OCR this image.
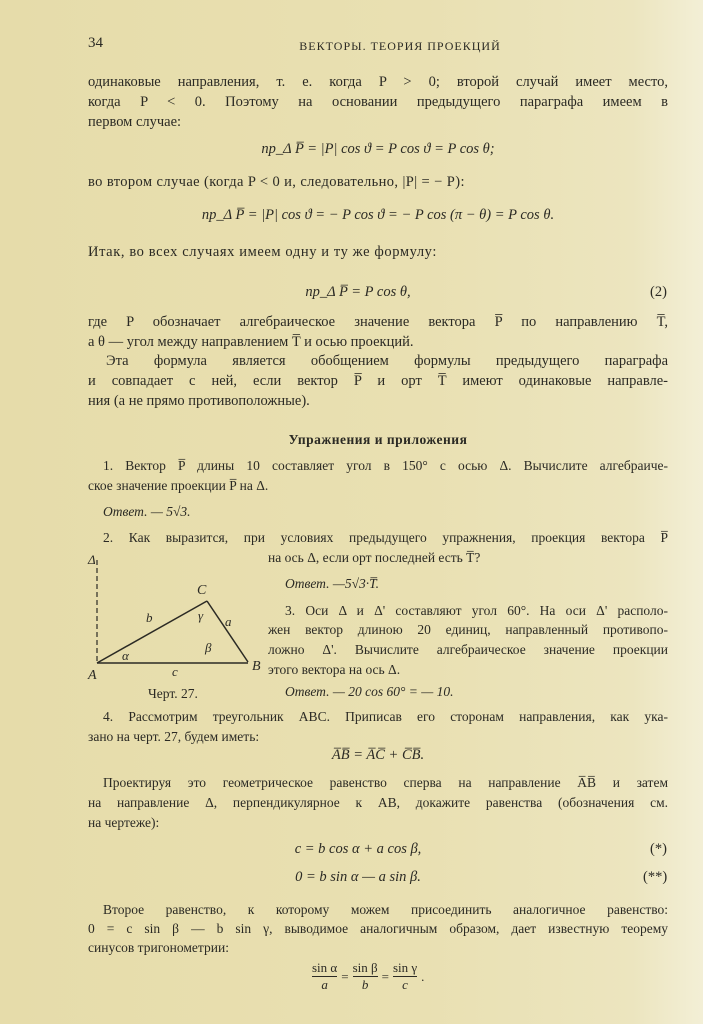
34	ВЕКТОРЫ. ТЕОРИЯ ПРОЕКЦИЙ
одинаковые направления, т. е. когда P > 0; второй случай имеет место,
когда P < 0. Поэтому на основании предыдущего параграфа имеем в
первом случае:
пр_Δ P̅ = |P| cos ϑ = P cos ϑ = P cos θ;
во втором случае (когда P < 0 и, следовательно, |P| = − P):
пр_Δ P̅ = |P| cos ϑ = − P cos ϑ = − P cos (π − θ) = P cos θ.
Итак, во всех случаях имеем одну и ту же формулу:
пр_Δ P̅ = P cos θ,	(2)
где P обозначает алгебраическое значение вектора P̅ по направлению T̅,
а θ — угол между направлением T̅ и осью проекций.
Эта формула является обобщением формулы предыдущего параграфа
и совпадает с ней, если вектор P̅ и орт T̅ имеют одинаковые направле-
ния (а не прямо противоположные).
Упражнения и приложения
1. Вектор P̅ длины 10 составляет угол в 150° с осью Δ. Вычислите алгебраиче-
ское значение проекции P̅ на Δ.
Ответ. — 5√3.
2. Как выразится, при условиях предыдущего упражнения, проекция вектора P̅
на ось Δ, если орт последней есть T̅?
Ответ. —5√3·T̅.
3. Оси Δ и Δ' составляют угол 60°. На оси Δ' располо-
жен вектор длиною 20 единиц, направленный противопо-
ложно Δ'. Вычислите алгебраическое значение проекции
этого вектора на ось Δ.
Ответ. — 20 cos 60° = — 10.
Δ
A
B
C
a
b
c
α
β
γ
Черт. 27.
4. Рассмотрим треугольник ABC. Приписав его сторонам направления, как ука-
зано на черт. 27, будем иметь:
A̅B̅ = A̅C̅ + C̅B̅.
Проектируя это геометрическое равенство сперва на направление A̅B̅ и затем
на направление Δ, перпендикулярное к AB, докажите равенства (обозначения см.
на чертеже):
c = b cos α + a cos β,	(*)
0 = b sin α — a sin β.	(**)
Второе равенство, к которому можем присоединить аналогичное равенство:
0 = c sin β — b sin γ, выводимое аналогичным образом, дает известную теорему
синусов тригонометрии:
$\frac{\text{sin α}}{a} = \frac{\text{sin β}}{b} = \frac{\text{sin γ}}{c}$ .
